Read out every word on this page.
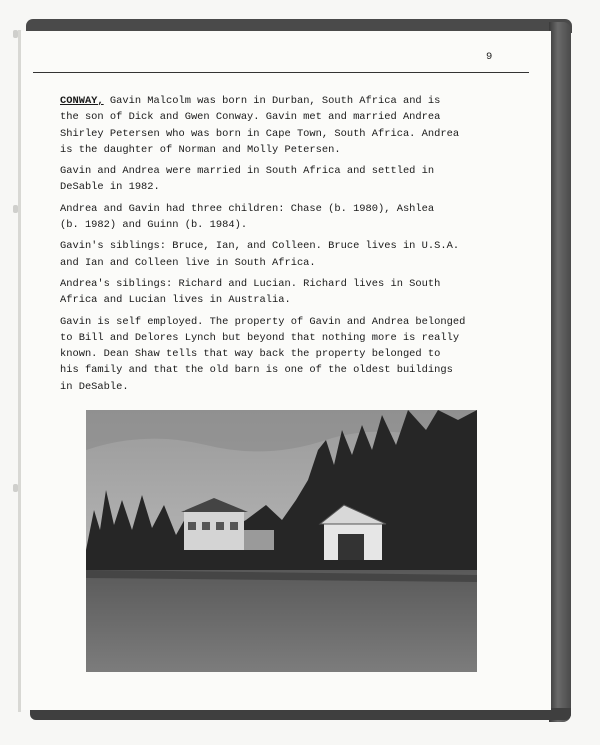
9

CONWAY, Gavin Malcolm was born in Durban, South Africa and is
the son of Dick and Gwen Conway. Gavin met and married Andrea
Shirley Petersen who was born in Cape Town, South Africa. Andrea
is the daughter of Norman and Molly Petersen.

Gavin and Andrea were married in South Africa and settled in
DeSable in 1982.

Andrea and Gavin had three children: Chase (b. 1980), Ashlea
(b. 1982) and Guinn (b. 1984).

Gavin's siblings: Bruce, Ian, and Colleen. Bruce lives in U.S.A.
and Ian and Colleen live in South Africa.

Andrea's siblings: Richard and Lucian. Richard lives in South
Africa and Lucian lives in Australia.

Gavin is self employed. The property of Gavin and Andrea belonged
to Bill and Delores Lynch but beyond that nothing more is really
known. Dean Shaw tells that way back the property belonged to
his family and that the old barn is one of the oldest buildings
in DeSable.
